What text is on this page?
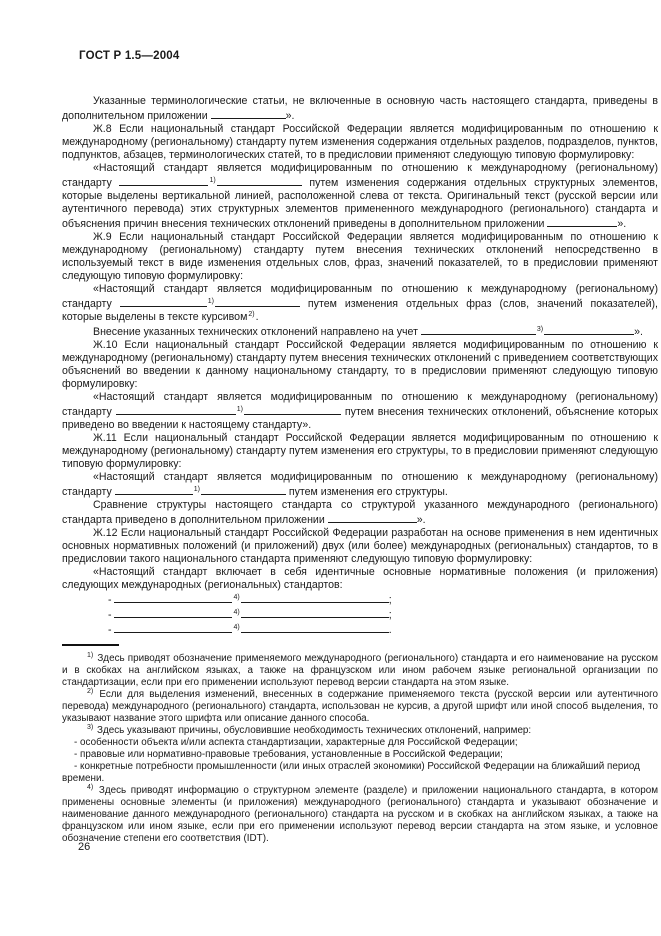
ГОСТ Р 1.5—2004

Указанные терминологические статьи, не включенные в основную часть настоящего стандарта, приведены в дополнительном приложении	».

Ж.8 Если национальный стандарт Российской Федерации является модифицированным по отношению к международному (региональному) стандарту путем изменения содержания отдельных разделов, подразделов, пунктов, подпунктов, абзацев, терминологических статей, то в предисловии применяют следующую типовую формулировку:

«Настоящий стандарт является модифицированным по отношению к международному (региональному) стандарту	$^{1)}$	путем изменения содержания отдельных структурных элементов, которые выделены вертикальной линией, расположенной слева от текста. Оригинальный текст (русской версии или аутентичного перевода) этих структурных элементов примененного международного (регионального) стандарта и объяснения причин внесения технических отклонений приведены в дополнительном приложении	».

Ж.9 Если национальный стандарт Российской Федерации является модифицированным по отношению к международному (региональному) стандарту путем внесения технических отклонений непосредственно в используемый текст в виде изменения отдельных слов, фраз, значений показателей, то в предисловии применяют следующую типовую формулировку:

«Настоящий стандарт является модифицированным по отношению к международному (региональному) стандарту	$^{1)}$	путем изменения отдельных фраз (слов, значений показателей), которые выделены в тексте курсивом$^{2)}$.

Внесение указанных технических отклонений направлено на учет	$^{3)}$	».

Ж.10 Если национальный стандарт Российской Федерации является модифицированным по отношению к международному (региональному) стандарту путем внесения технических отклонений с приведением соответствующих объяснений во введении к данному национальному стандарту, то в предисловии применяют следующую типовую формулировку:

«Настоящий стандарт является модифицированным по отношению к международному (региональному) стандарту	$^{1)}$	путем внесения технических отклонений, объяснение которых приведено во введении к настоящему стандарту».

Ж.11 Если национальный стандарт Российской Федерации является модифицированным по отношению к международному (региональному) стандарту путем изменения его структуры, то в предисловии применяют следующую типовую формулировку:

«Настоящий стандарт является модифицированным по отношению к международному (региональному) стандарту	$^{1)}$	путем изменения его структуры.

Сравнение структуры настоящего стандарта со структурой указанного международного (регионального) стандарта приведено в дополнительном приложении	».

Ж.12 Если национальный стандарт Российской Федерации разработан на основе применения в нем идентичных основных нормативных положений (и приложений) двух (или более) международных (региональных) стандартов, то в предисловии такого национального стандарта применяют следующую типовую формулировку:

«Настоящий стандарт включает в себя идентичные основные нормативные положения (и приложения) следующих международных (региональных) стандартов:

-	$^{4)}$	;

-	$^{4)}$	;

-	$^{4)}$	.

$^{1)}$ Здесь приводят обозначение применяемого международного (регионального) стандарта и его наименование на русском и в скобках на английском языках, а также на французском или ином рабочем языке региональной организации по стандартизации, если при его применении используют перевод версии стандарта на этом языке.

$^{2)}$ Если для выделения изменений, внесенных в содержание применяемого текста (русской версии или аутентичного перевода) международного (регионального) стандарта, использован не курсив, а другой шрифт или иной способ выделения, то указывают название этого шрифта или описание данного способа.

$^{3)}$ Здесь указывают причины, обусловившие необходимость технических отклонений, например:

- особенности объекта и/или аспекта стандартизации, характерные для Российской Федерации;

- правовые или нормативно-правовые требования, установленные в Российской Федерации;

- конкретные потребности промышленности (или иных отраслей экономики) Российской Федерации на ближайший период времени.

$^{4)}$ Здесь приводят информацию о структурном элементе (разделе) и приложении национального стандарта, в котором применены основные элементы (и приложения) международного (регионального) стандарта и указывают обозначение и наименование данного международного (регионального) стандарта на русском и в скобках на английском языках, а также на французском или ином языке, если при его применении используют перевод версии стандарта на этом языке, и условное обозначение степени его соответствия (IDT).

26
